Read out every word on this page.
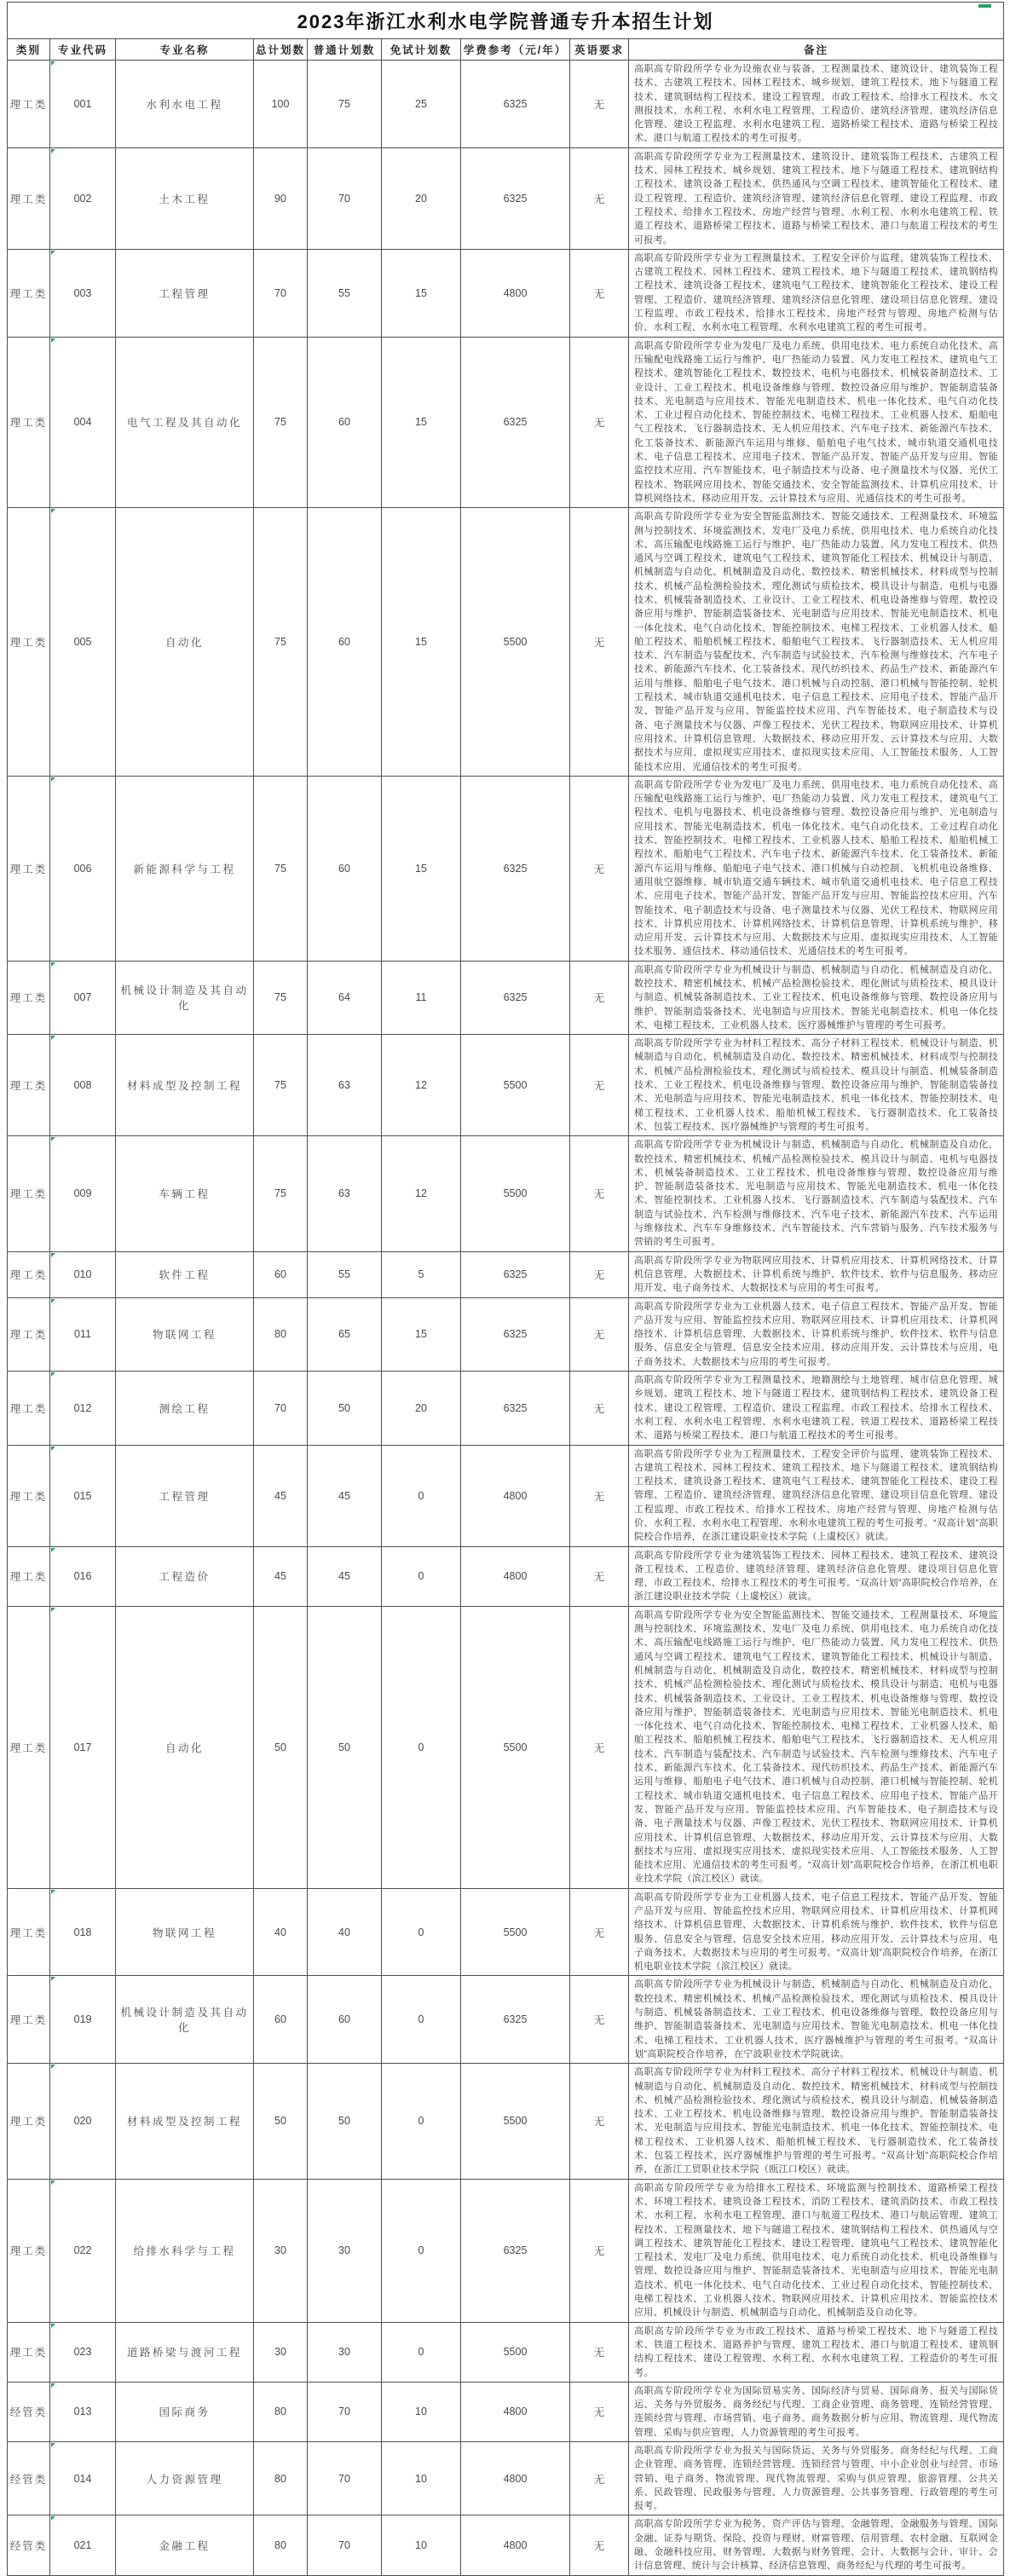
2023年浙江水利水电学院普通专升本招生计划								

类别	专业代码	专业名称	总计划数	普通计划数	免试计划数	学费参考（元/年）	英语要求	备注
理工类	001	水利水电工程	100	75	25	6325	无	高职高专阶段所学专业为设施农业与装备、工程测量技术、建筑设计、建筑装饰工程技术、古建筑工程技术、园林工程技术、城乡规划、建筑工程技术、地下与隧道工程技术、建筑钢结构工程技术、建设工程管理、市政工程技术、给排水工程技术、水文测报技术、水利工程、水利水电工程管理、工程造价、建筑经济管理、建筑经济信息化管理、建设工程监理、水利水电建筑工程、道路桥梁工程技术、道路与桥梁工程技术、港口与航道工程技术的考生可报考。
理工类	002	土木工程	90	70	20	6325	无	高职高专阶段所学专业为工程测量技术、建筑设计、建筑装饰工程技术、古建筑工程技术、园林工程技术、城乡规划、建筑工程技术、地下与隧道工程技术、建筑钢结构工程技术、建筑设备工程技术、供热通风与空调工程技术、建筑智能化工程技术、建设工程管理、工程造价、建筑经济管理、建筑经济信息化管理、建设工程监理、市政工程技术、给排水工程技术、房地产经营与管理、水利工程、水利水电建筑工程、铁道工程技术、道路桥梁工程技术、道路与桥梁工程技术、港口与航道工程技术的考生可报考。
理工类	003	工程管理	70	55	15	4800	无	高职高专阶段所学专业为工程测量技术、工程安全评价与监理、建筑装饰工程技术、古建筑工程技术、园林工程技术、建筑工程技术、地下与隧道工程技术、建筑钢结构工程技术、建筑设备工程技术、建筑电气工程技术、建筑智能化工程技术、建设工程管理、工程造价、建筑经济管理、建筑经济信息化管理、建设项目信息化管理、建设工程监理、市政工程技术、给排水工程技术、房地产经营与管理、房地产检测与估价、水利工程、水利水电工程管理、水利水电建筑工程的考生可报考。
理工类	004	电气工程及其自动化	75	60	15	6325	无	高职高专阶段所学专业为发电厂及电力系统、供用电技术、电力系统自动化技术、高压输配电线路施工运行与维护、电厂热能动力装置、风力发电工程技术、建筑电气工程技术、建筑智能化工程技术、数控技术、电机与电器技术、机械装备制造技术、工业设计、工业工程技术、机电设备维修与管理、数控设备应用与维护、智能制造装备技术、光电制造与应用技术、智能光电制造技术、机电一体化技术、电气自动化技术、工业过程自动化技术、智能控制技术、电梯工程技术、工业机器人技术、船舶电气工程技术、飞行器制造技术、无人机应用技术、汽车电子技术、新能源汽车技术、化工装备技术、新能源汽车运用与维修、船舶电子电气技术、城市轨道交通机电技术、电子信息工程技术、应用电子技术、智能产品开发、智能产品开发与应用、智能监控技术应用、汽车智能技术、电子制造技术与设备、电子测量技术与仪器、光伏工程技术、物联网应用技术、智能交通技术、安全智能监测技术、计算机应用技术、计算机网络技术、移动应用开发、云计算技术与应用、光通信技术的考生可报考。
理工类	005	自动化	75	60	15	5500	无	高职高专阶段所学专业为安全智能监测技术、智能交通技术、工程测量技术、环境监测与控制技术、环境监测技术、发电厂及电力系统、供用电技术、电力系统自动化技术、高压输配电线路施工运行与维护、电厂热能动力装置、风力发电工程技术、供热通风与空调工程技术、建筑电气工程技术、建筑智能化工程技术、机械设计与制造、机械制造与自动化、机械制造及自动化、数控技术、精密机械技术、材料成型与控制技术、机械产品检测检验技术、理化测试与质检技术、模具设计与制造、电机与电器技术、机械装备制造技术、工业设计、工业工程技术、机电设备维修与管理、数控设备应用与维护、智能制造装备技术、光电制造与应用技术、智能光电制造技术、机电一体化技术、电气自动化技术、智能控制技术、电梯工程技术、工业机器人技术、船舶工程技术、船舶机械工程技术、船舶电气工程技术、飞行器制造技术、无人机应用技术、汽车制造与装配技术、汽车制造与试验技术、汽车检测与维修技术、汽车电子技术、新能源汽车技术、化工装备技术、现代纺织技术、药品生产技术、新能源汽车运用与维修、船舶电子电气技术、港口机械与自动控制、港口机械与智能控制、轮机工程技术、城市轨道交通机电技术、电子信息工程技术、应用电子技术、智能产品开发、智能产品开发与应用、智能监控技术应用、汽车智能技术、电子制造技术与设备、电子测量技术与仪器、声像工程技术、光伏工程技术、物联网应用技术、计算机应用技术、计算机信息管理、大数据技术、移动应用开发、云计算技术与应用、大数据技术与应用、虚拟现实应用技术、虚拟现实技术应用、人工智能技术服务、人工智能技术应用、光通信技术的考生可报考。
理工类	006	新能源科学与工程	75	60	15	6325	无	高职高专阶段所学专业为发电厂及电力系统、供用电技术、电力系统自动化技术、高压输配电线路施工运行与维护、电厂热能动力装置、风力发电工程技术、建筑电气工程技术、电机与电器技术、机电设备维修与管理、数控设备应用与维护、光电制造与应用技术、智能光电制造技术、机电一体化技术、电气自动化技术、工业过程自动化技术、智能控制技术、电梯工程技术、工业机器人技术、船舶工程技术、船舶机械工程技术、船舶电气工程技术、汽车电子技术、新能源汽车技术、化工装备技术、新能源汽车运用与维修、船舶电子电气技术、港口机械与自动控制、飞机机电设备维修、通用航空器维修、城市轨道交通车辆技术、城市轨道交通机电技术、电子信息工程技术、应用电子技术、智能产品开发、智能产品开发与应用、智能监控技术应用、汽车智能技术、电子制造技术与设备、电子测量技术与仪器、光伏工程技术、物联网应用技术、计算机应用技术、计算机网络技术、计算机信息管理、计算机系统与维护、移动应用开发、云计算技术与应用、大数据技术与应用、虚拟现实应用技术、人工智能技术服务、通信技术、移动通信技术、光通信技术的考生可报考。
理工类	007	机械设计制造及其自动化	75	64	11	6325	无	高职高专阶段所学专业为机械设计与制造、机械制造与自动化、机械制造及自动化、数控技术、精密机械技术、机械产品检测检验技术、理化测试与质检技术、模具设计与制造、机械装备制造技术、工业工程技术、机电设备维修与管理、数控设备应用与维护、智能制造装备技术、光电制造与应用技术、智能光电制造技术、机电一体化技术、电梯工程技术、工业机器人技术、医疗器械维护与管理的考生可报考。
理工类	008	材料成型及控制工程	75	63	12	5500	无	高职高专阶段所学专业为材料工程技术、高分子材料工程技术、机械设计与制造、机械制造与自动化、机械制造及自动化、数控技术、精密机械技术、材料成型与控制技术、机械产品检测检验技术、理化测试与质检技术、模具设计与制造、机械装备制造技术、工业工程技术、机电设备维修与管理、数控设备应用与维护、智能制造装备技术、光电制造与应用技术、智能光电制造技术、机电一体化技术、智能控制技术、电梯工程技术、工业机器人技术、船舶机械工程技术、飞行器制造技术、化工装备技术、包装工程技术、医疗器械维护与管理的考生可报考。
理工类	009	车辆工程	75	63	12	5500	无	高职高专阶段所学专业为机械设计与制造、机械制造与自动化、机械制造及自动化、数控技术、精密机械技术、机械产品检测检验技术、模具设计与制造、电机与电器技术、机械装备制造技术、工业工程技术、机电设备维修与管理、数控设备应用与维护、智能制造装备技术、光电制造与应用技术、智能光电制造技术、机电一体化技术、智能控制技术、工业机器人技术、飞行器制造技术、汽车制造与装配技术、汽车制造与试验技术、汽车检测与维修技术、汽车电子技术、新能源汽车技术、汽车运用与维修技术、汽车车身维修技术、汽车智能技术、汽车营销与服务、汽车技术服务与营销的考生可报考。
理工类	010	软件工程	60	55	5	6325	无	高职高专阶段所学专业为物联网应用技术、计算机应用技术、计算机网络技术、计算机信息管理、大数据技术、计算机系统与维护、软件技术、软件与信息服务、移动应用开发、电子商务技术、大数据技术与应用的考生可报考。
理工类	011	物联网工程	80	65	15	6325	无	高职高专阶段所学专业为工业机器人技术、电子信息工程技术、智能产品开发、智能产品开发与应用、智能监控技术应用、物联网应用技术、计算机应用技术、计算机网络技术、计算机信息管理、大数据技术、计算机系统与维护、软件技术、软件与信息服务、信息安全与管理、信息安全技术应用、移动应用开发、云计算技术与应用、电子商务技术、大数据技术与应用的考生可报考。
理工类	012	测绘工程	70	50	20	6325	无	高职高专阶段所学专业为工程测量技术、地籍测绘与土地管理、城市信息化管理、城乡规划、建筑工程技术、地下与隧道工程技术、建筑钢结构工程技术、建筑设备工程技术、建设工程管理、工程造价、建设工程监理、市政工程技术、给排水工程技术、水利工程、水利水电工程管理、水利水电建筑工程、铁道工程技术、道路桥梁工程技术、道路与桥梁工程技术、港口与航道工程技术的考生可报考。
理工类	015	工程管理	45	45	0	4800	无	高职高专阶段所学专业为工程测量技术、工程安全评价与监理、建筑装饰工程技术、古建筑工程技术、园林工程技术、建筑工程技术、地下与隧道工程技术、建筑钢结构工程技术、建筑设备工程技术、建筑电气工程技术、建筑智能化工程技术、建设工程管理、工程造价、建筑经济管理、建筑经济信息化管理、建设项目信息化管理、建设工程监理、市政工程技术、给排水工程技术、房地产经营与管理、房地产检测与估价、水利工程、水利水电工程管理、水利水电建筑工程的考生可报考。“双高计划”高职院校合作培养，在浙江建设职业技术学院（上虞校区）就读。
理工类	016	工程造价	45	45	0	4800	无	高职高专阶段所学专业为建筑装饰工程技术、园林工程技术、建筑工程技术、建筑设备工程技术、工程造价、建筑经济管理、建筑经济信息化管理、建设项目信息化管理、市政工程技术、给排水工程技术的考生可报考。“双高计划”高职院校合作培养，在浙江建设职业技术学院（上虞校区）就读。
理工类	017	自动化	50	50	0	5500	无	高职高专阶段所学专业为安全智能监测技术、智能交通技术、工程测量技术、环境监测与控制技术、环境监测技术、发电厂及电力系统、供用电技术、电力系统自动化技术、高压输配电线路施工运行与维护、电厂热能动力装置、风力发电工程技术、供热通风与空调工程技术、建筑电气工程技术、建筑智能化工程技术、机械设计与制造、机械制造与自动化、机械制造及自动化、数控技术、精密机械技术、材料成型与控制技术、机械产品检测检验技术、理化测试与质检技术、模具设计与制造、电机与电器技术、机械装备制造技术、工业设计、工业工程技术、机电设备维修与管理、数控设备应用与维护、智能制造装备技术、光电制造与应用技术、智能光电制造技术、机电一体化技术、电气自动化技术、智能控制技术、电梯工程技术、工业机器人技术、船舶工程技术、船舶机械工程技术、船舶电气工程技术、飞行器制造技术、无人机应用技术、汽车制造与装配技术、汽车制造与试验技术、汽车检测与维修技术、汽车电子技术、新能源汽车技术、化工装备技术、现代纺织技术、药品生产技术、新能源汽车运用与维修、船舶电子电气技术、港口机械与自动控制、港口机械与智能控制、轮机工程技术、城市轨道交通机电技术、电子信息工程技术、应用电子技术、智能产品开发、智能产品开发与应用、智能监控技术应用、汽车智能技术、电子制造技术与设备、电子测量技术与仪器、声像工程技术、光伏工程技术、物联网应用技术、计算机应用技术、计算机信息管理、大数据技术、移动应用开发、云计算技术与应用、大数据技术与应用、虚拟现实应用技术、虚拟现实技术应用、人工智能技术服务、人工智能技术应用、光通信技术的考生可报考。“双高计划”高职院校合作培养，在浙江机电职业技术学院（滨江校区）就读。
理工类	018	物联网工程	40	40	0	5500	无	高职高专阶段所学专业为工业机器人技术、电子信息工程技术、智能产品开发、智能产品开发与应用、智能监控技术应用、物联网应用技术、计算机应用技术、计算机网络技术、计算机信息管理、大数据技术、计算机系统与维护、软件技术、软件与信息服务、信息安全与管理、信息安全技术应用、移动应用开发、云计算技术与应用、电子商务技术、大数据技术与应用的考生可报考。“双高计划”高职院校合作培养，在浙江机电职业技术学院（滨江校区）就读。
理工类	019	机械设计制造及其自动化	60	60	0	6325	无	高职高专阶段所学专业为机械设计与制造、机械制造与自动化、机械制造及自动化、数控技术、精密机械技术、机械产品检测检验技术、理化测试与质检技术、模具设计与制造、机械装备制造技术、工业工程技术、机电设备维修与管理、数控设备应用与维护、智能制造装备技术、光电制造与应用技术、智能光电制造技术、机电一体化技术、电梯工程技术、工业机器人技术、医疗器械维护与管理的考生可报考。“双高计划”高职院校合作培养，在宁波职业技术学院就读。
理工类	020	材料成型及控制工程	50	50	0	5500	无	高职高专阶段所学专业为材料工程技术、高分子材料工程技术、机械设计与制造、机械制造与自动化、机械制造及自动化、数控技术、精密机械技术、材料成型与控制技术、机械产品检测检验技术、理化测试与质检技术、模具设计与制造、机械装备制造技术、工业工程技术、机电设备维修与管理、数控设备应用与维护、智能制造装备技术、光电制造与应用技术、智能光电制造技术、机电一体化技术、智能控制技术、电梯工程技术、工业机器人技术、船舶机械工程技术、飞行器制造技术、化工装备技术、包装工程技术、医疗器械维护与管理的考生可报考。“双高计划”高职院校合作培养，在浙江工贸职业技术学院（瓯江口校区）就读。
理工类	022	给排水科学与工程	30	30	0	6325	无	高职高专阶段所学专业为给排水工程技术、环境监测与控制技术、道路桥梁工程技术、环境工程技术、建筑设备工程技术、消防工程技术、建筑消防技术、市政工程技术、水利工程、水利水电工程管理、港口与航道工程技术、港口与航运管理、建筑工程技术、工程测量技术、地下与隧道工程技术、建筑钢结构工程技术、供热通风与空调工程技术、建筑智能化工程技术、建设工程管理、建筑电气工程技术、建筑智能化工程技术、发电厂及电力系统、供用电技术、电力系统自动化技术、机电设备维修与管理、数控设备应用与维护、智能制造装备技术、光电制造与应用技术、智能光电制造技术、机电一体化技术、电气自动化技术、工业过程自动化技术、智能控制技术、电梯工程技术、工业机器人技术、物联网应用技术、计算机应用技术、智能监控技术应用、机械设计与制造、机械制造与自动化、机械制造及自动化等。
理工类	023	道路桥梁与渡河工程	30	30	0	5500	无	高职高专阶段所学专业为市政工程技术、道路与桥梁工程技术、地下与隧道工程技术、铁道工程技术、道路养护与管理、建筑工程技术、港口与航道工程技术、建筑钢结构工程技术、建设工程管理、水利工程、水利水电建筑工程、工程造价的考生可报考。
经管类	013	国际商务	80	70	10	4800	无	高职高专阶段所学专业为国际贸易实务、国际经济与贸易、国际商务、报关与国际货运、关务与外贸服务、商务经纪与代理、工商企业管理、商务管理、连锁经营管理、连锁经营与管理、市场营销、电子商务、商务数据分析与应用、物流管理、现代物流管理、采购与供应管理、人力资源管理的考生可报考。
经管类	014	人力资源管理	80	70	10	4800	无	高职高专阶段所学专业为报关与国际货运、关务与外贸服务、商务经纪与代理、工商企业管理、商务管理、连锁经营管理、连锁经营与管理、中小企业创业与经营、市场营销、电子商务、物流管理、现代物流管理、采购与供应管理、旅游管理、公共关系、民政管理、民政服务与管理、人力资源管理、公共事务管理、行政管理的考生可报考。
经管类	021	金融工程	80	70	10	4800	无	高职高专阶段所学专业为税务、资产评估与管理、金融管理、金融服务与管理、国际金融、证券与期货、保险、投资与理财、财富管理、信用管理、农村金融、互联网金融、金融科技应用、财务管理、大数据与财务管理、会计、大数据与会计、审计、会计信息管理、统计与会计核算、经济信息管理、商务经纪与代理的考生可报考。
